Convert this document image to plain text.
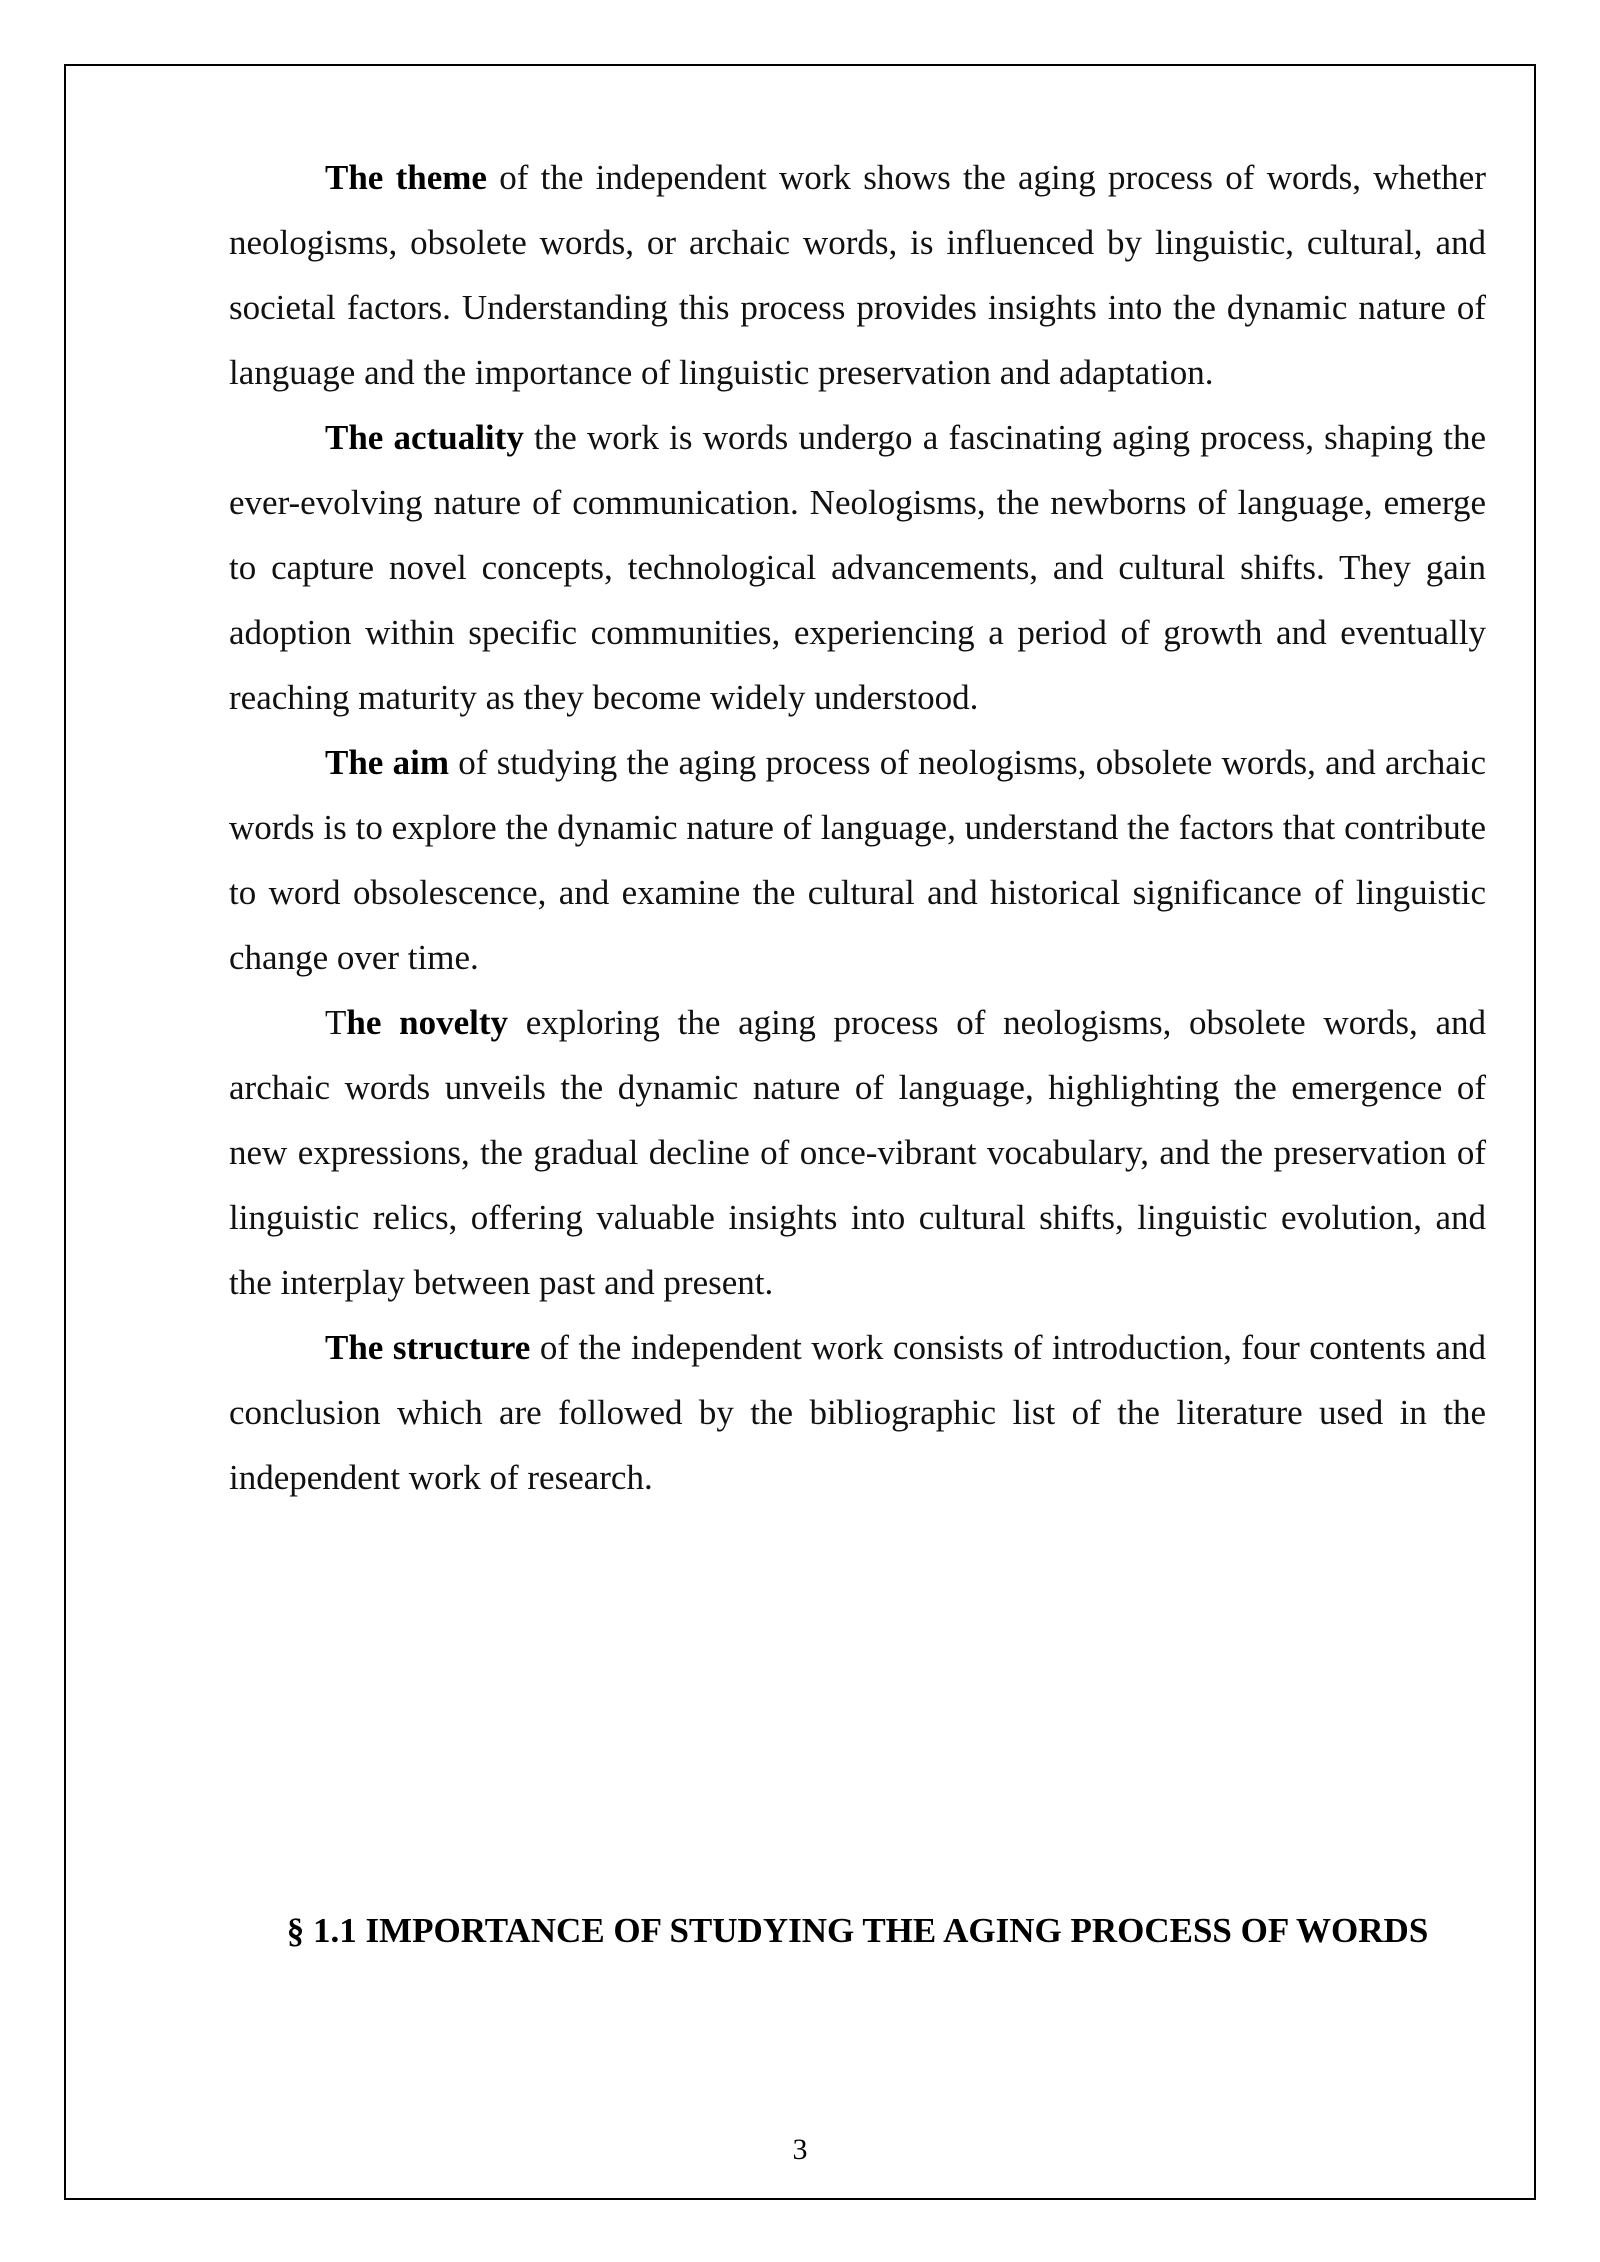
The theme of the independent work shows the aging process of words, whether neologisms, obsolete words, or archaic words, is influenced by linguistic, cultural, and societal factors. Understanding this process provides insights into the dynamic nature of language and the importance of linguistic preservation and adaptation.

The actuality the work is words undergo a fascinating aging process, shaping the ever-evolving nature of communication. Neologisms, the newborns of language, emerge to capture novel concepts, technological advancements, and cultural shifts. They gain adoption within specific communities, experiencing a period of growth and eventually reaching maturity as they become widely understood.

The aim of studying the aging process of neologisms, obsolete words, and archaic words is to explore the dynamic nature of language, understand the factors that contribute to word obsolescence, and examine the cultural and historical significance of linguistic change over time.

The novelty exploring the aging process of neologisms, obsolete words, and archaic words unveils the dynamic nature of language, highlighting the emergence of new expressions, the gradual decline of once-vibrant vocabulary, and the preservation of linguistic relics, offering valuable insights into cultural shifts, linguistic evolution, and the interplay between past and present.

The structure of the independent work consists of introduction, four contents and conclusion which are followed by the bibliographic list of the literature used in the independent work of research.

§ 1.1 IMPORTANCE OF STUDYING THE AGING PROCESS OF WORDS
3
